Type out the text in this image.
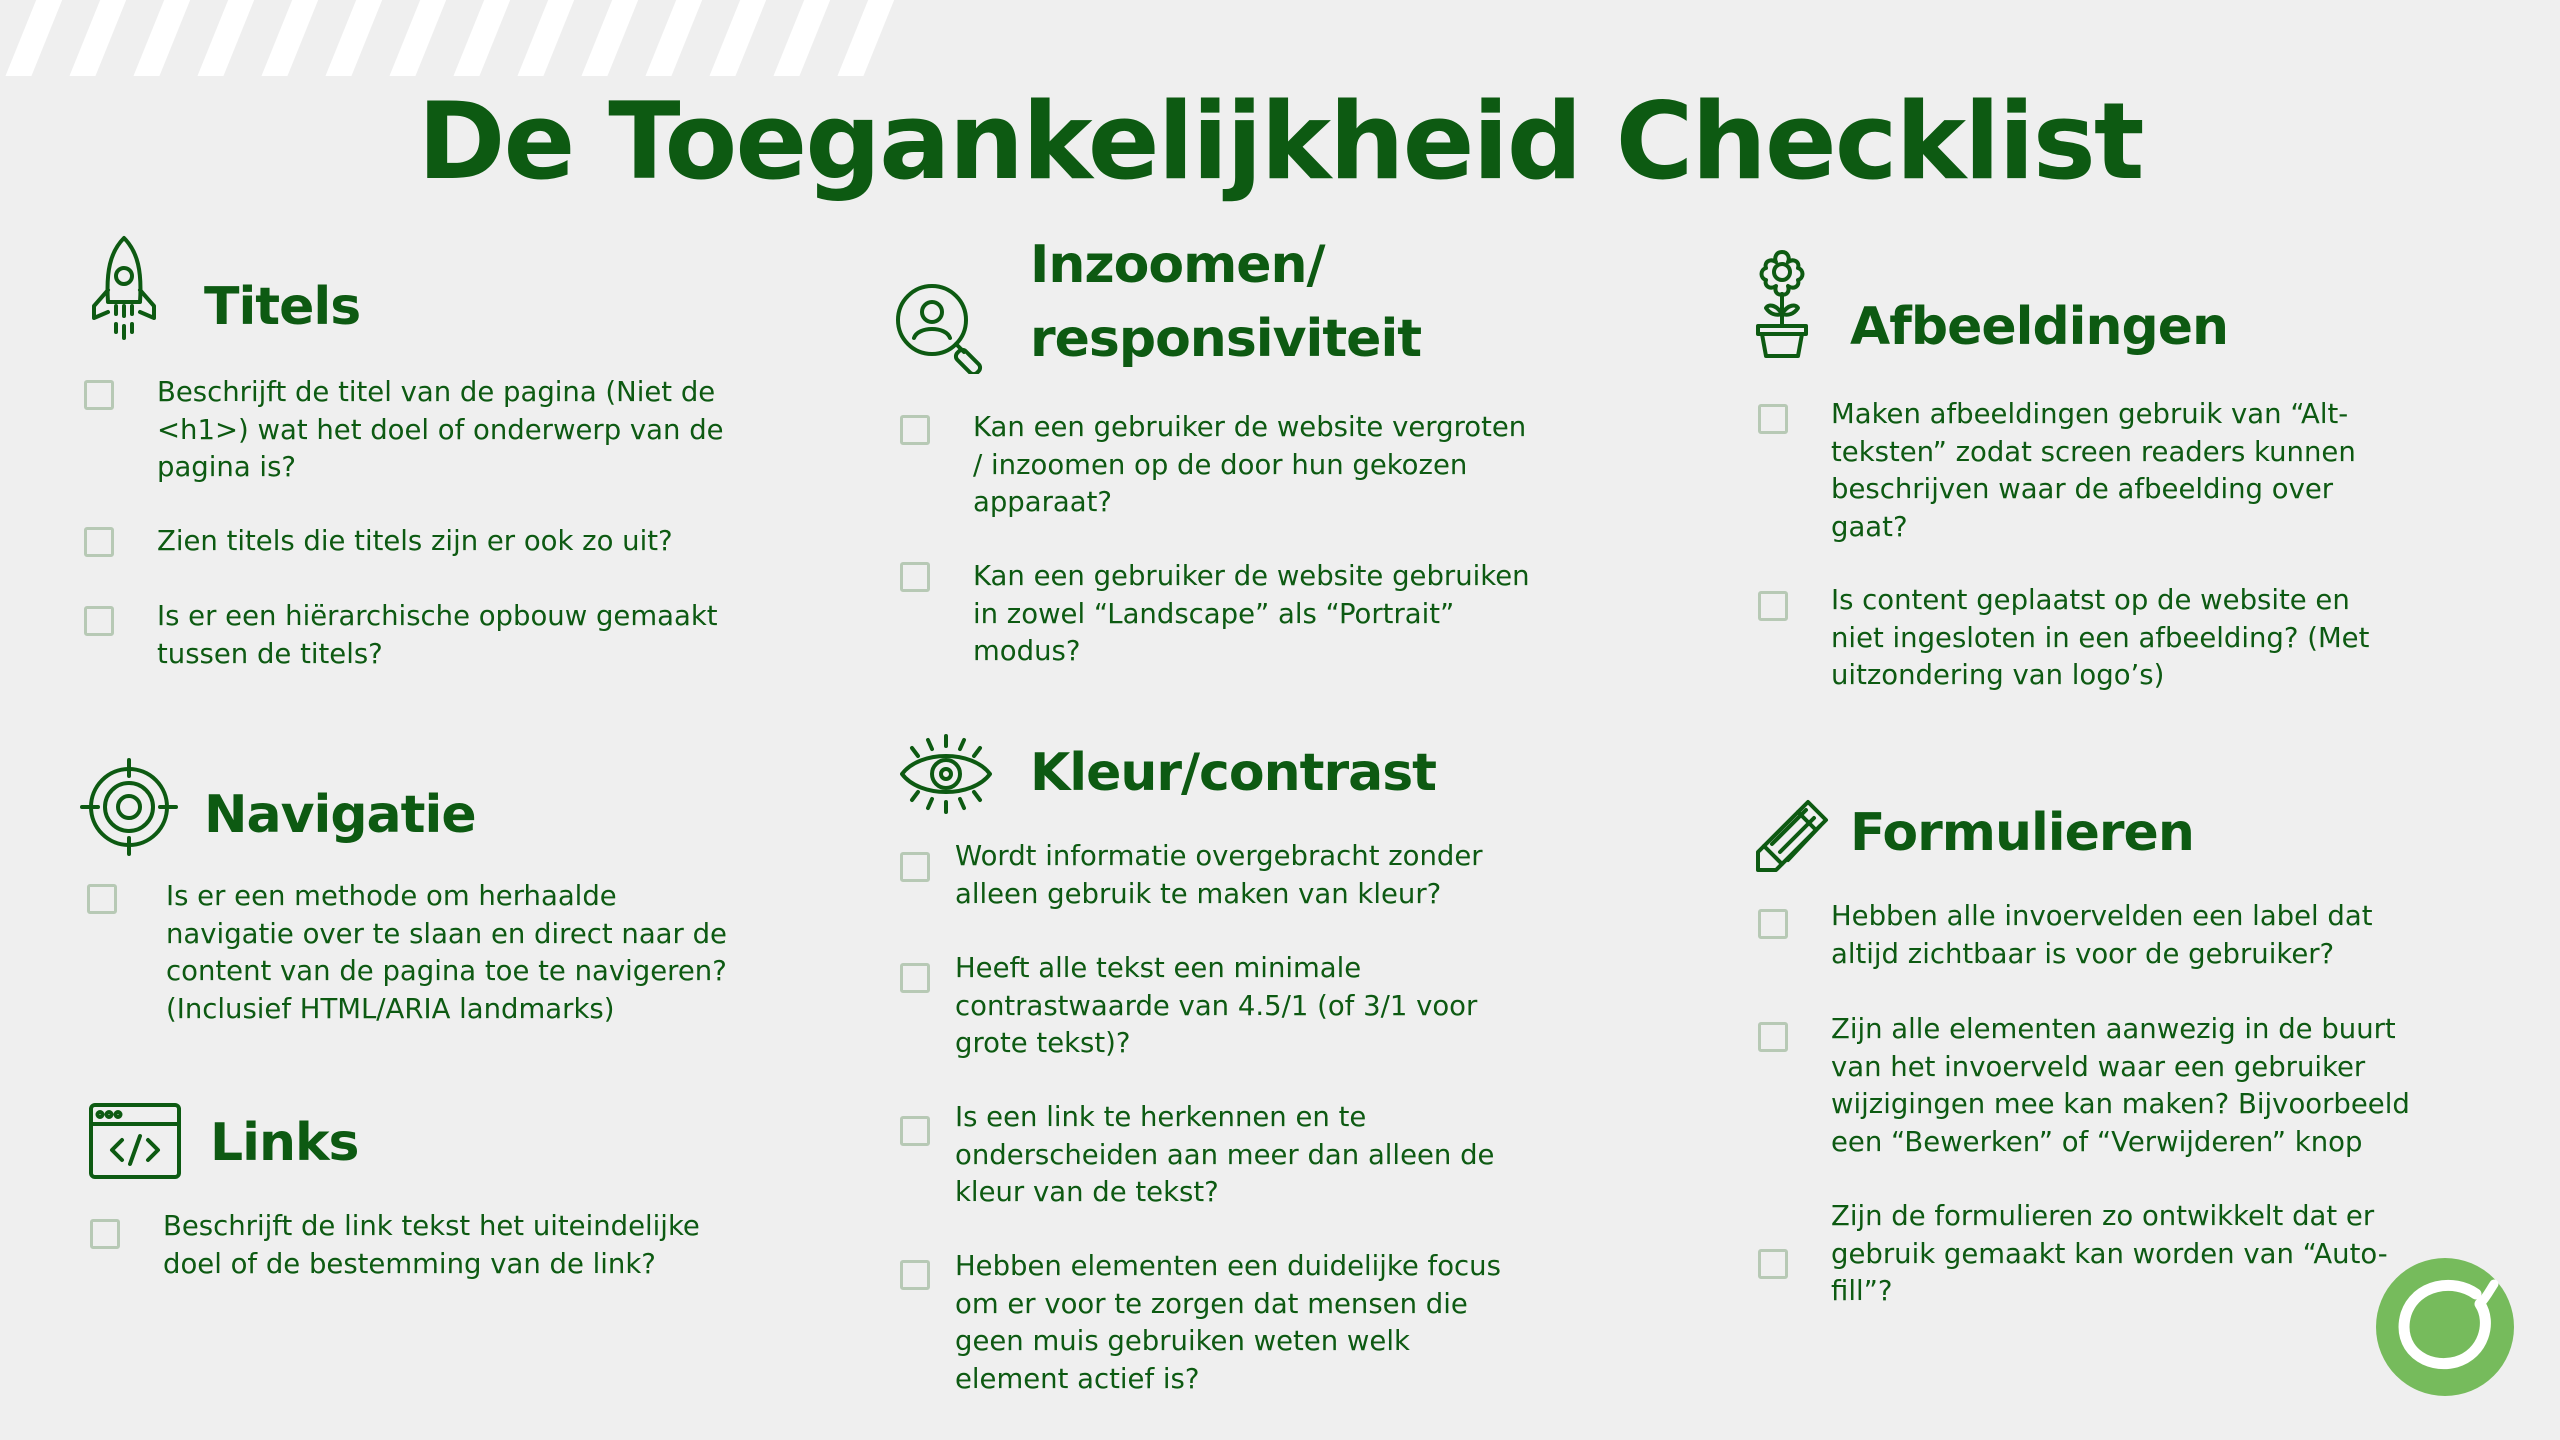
De Toegankelijkheid Checklist
Titels
Beschrijft de titel van de pagina (Niet de <h1>) wat het doel of onderwerp van de pagina is?
Zien titels die titels zijn er ook zo uit?
Is er een hiërarchische opbouw gemaakt tussen de titels?
Navigatie
Is er een methode om herhaalde navigatie over te slaan en direct naar de content van de pagina toe te navigeren? (Inclusief HTML/ARIA landmarks)
Links
Beschrijft de link tekst het uiteindelijke doel of de bestemming van de link?
Inzoomen/
responsiviteit
Kan een gebruiker de website vergroten / inzoomen op de door hun gekozen apparaat?
Kan een gebruiker de website gebruiken in zowel “Landscape” als “Portrait” modus?
Kleur/contrast
Wordt informatie overgebracht zonder alleen gebruik te maken van kleur?
Heeft alle tekst een minimale contrastwaarde van 4.5/1 (of 3/1 voor grote tekst)?
Is een link te herkennen en te onderscheiden aan meer dan alleen de kleur van de tekst?
Hebben elementen een duidelijke focus om er voor te zorgen dat mensen die geen muis gebruiken weten welk element actief is?
Afbeeldingen
Maken afbeeldingen gebruik van “Alt-teksten” zodat screen readers kunnen beschrijven waar de afbeelding over gaat?
Is content geplaatst op de website en niet ingesloten in een afbeelding? (Met uitzondering van logo’s)
Formulieren
Hebben alle invoervelden een label dat altijd zichtbaar is voor de gebruiker?
Zijn alle elementen aanwezig in de buurt van het invoerveld waar een gebruiker wijzigingen mee kan maken? Bijvoorbeeld een “Bewerken” of “Verwijderen” knop
Zijn de formulieren zo ontwikkelt dat er gebruik gemaakt kan worden van “Auto-fill”?
